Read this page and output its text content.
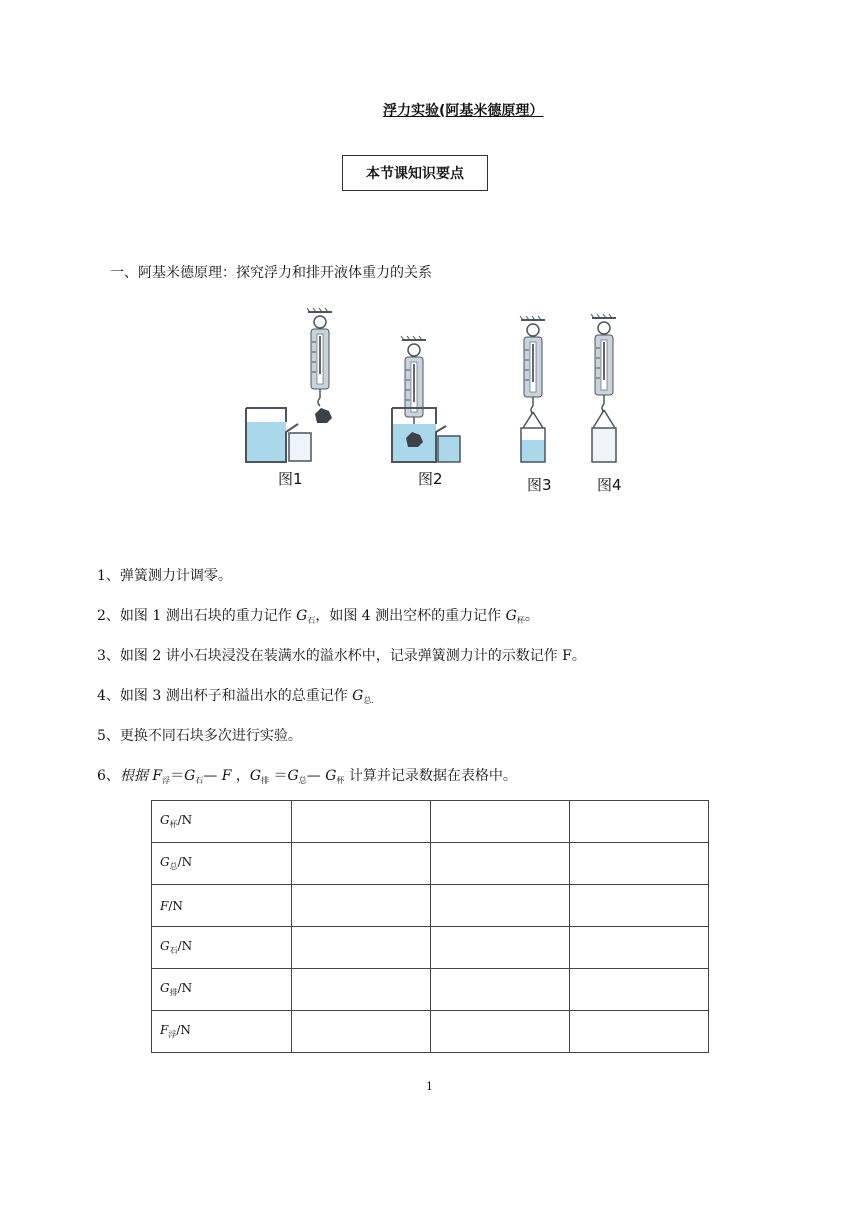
浮力实验(阿基米德原理）
本节课知识要点
一、阿基米德原理：探究浮力和排开液体重力的关系
图1	图2	图3	图4
1、弹簧测力计调零。
2、如图 1 测出石块的重力记作 $G_石$，如图 4 测出空杯的重力记作 $G_杯$。
3、如图 2 讲小石块浸没在装满水的溢水杯中，记录弹簧测力计的示数记作 F。
4、如图 3 测出杯子和溢出水的总重记作 $G_{总.}$
5、更换不同石块多次进行实验。
6、根据 $F_浮=G_石—$ F ，$G_排$ $=G_总—$ $G_杯$ 计算并记录数据在表格中。
$G_杯/N$			
$G_总/N$			
F/N			
$G_石/N$			
$G_排/N$			
$F_浮/N$			
1
